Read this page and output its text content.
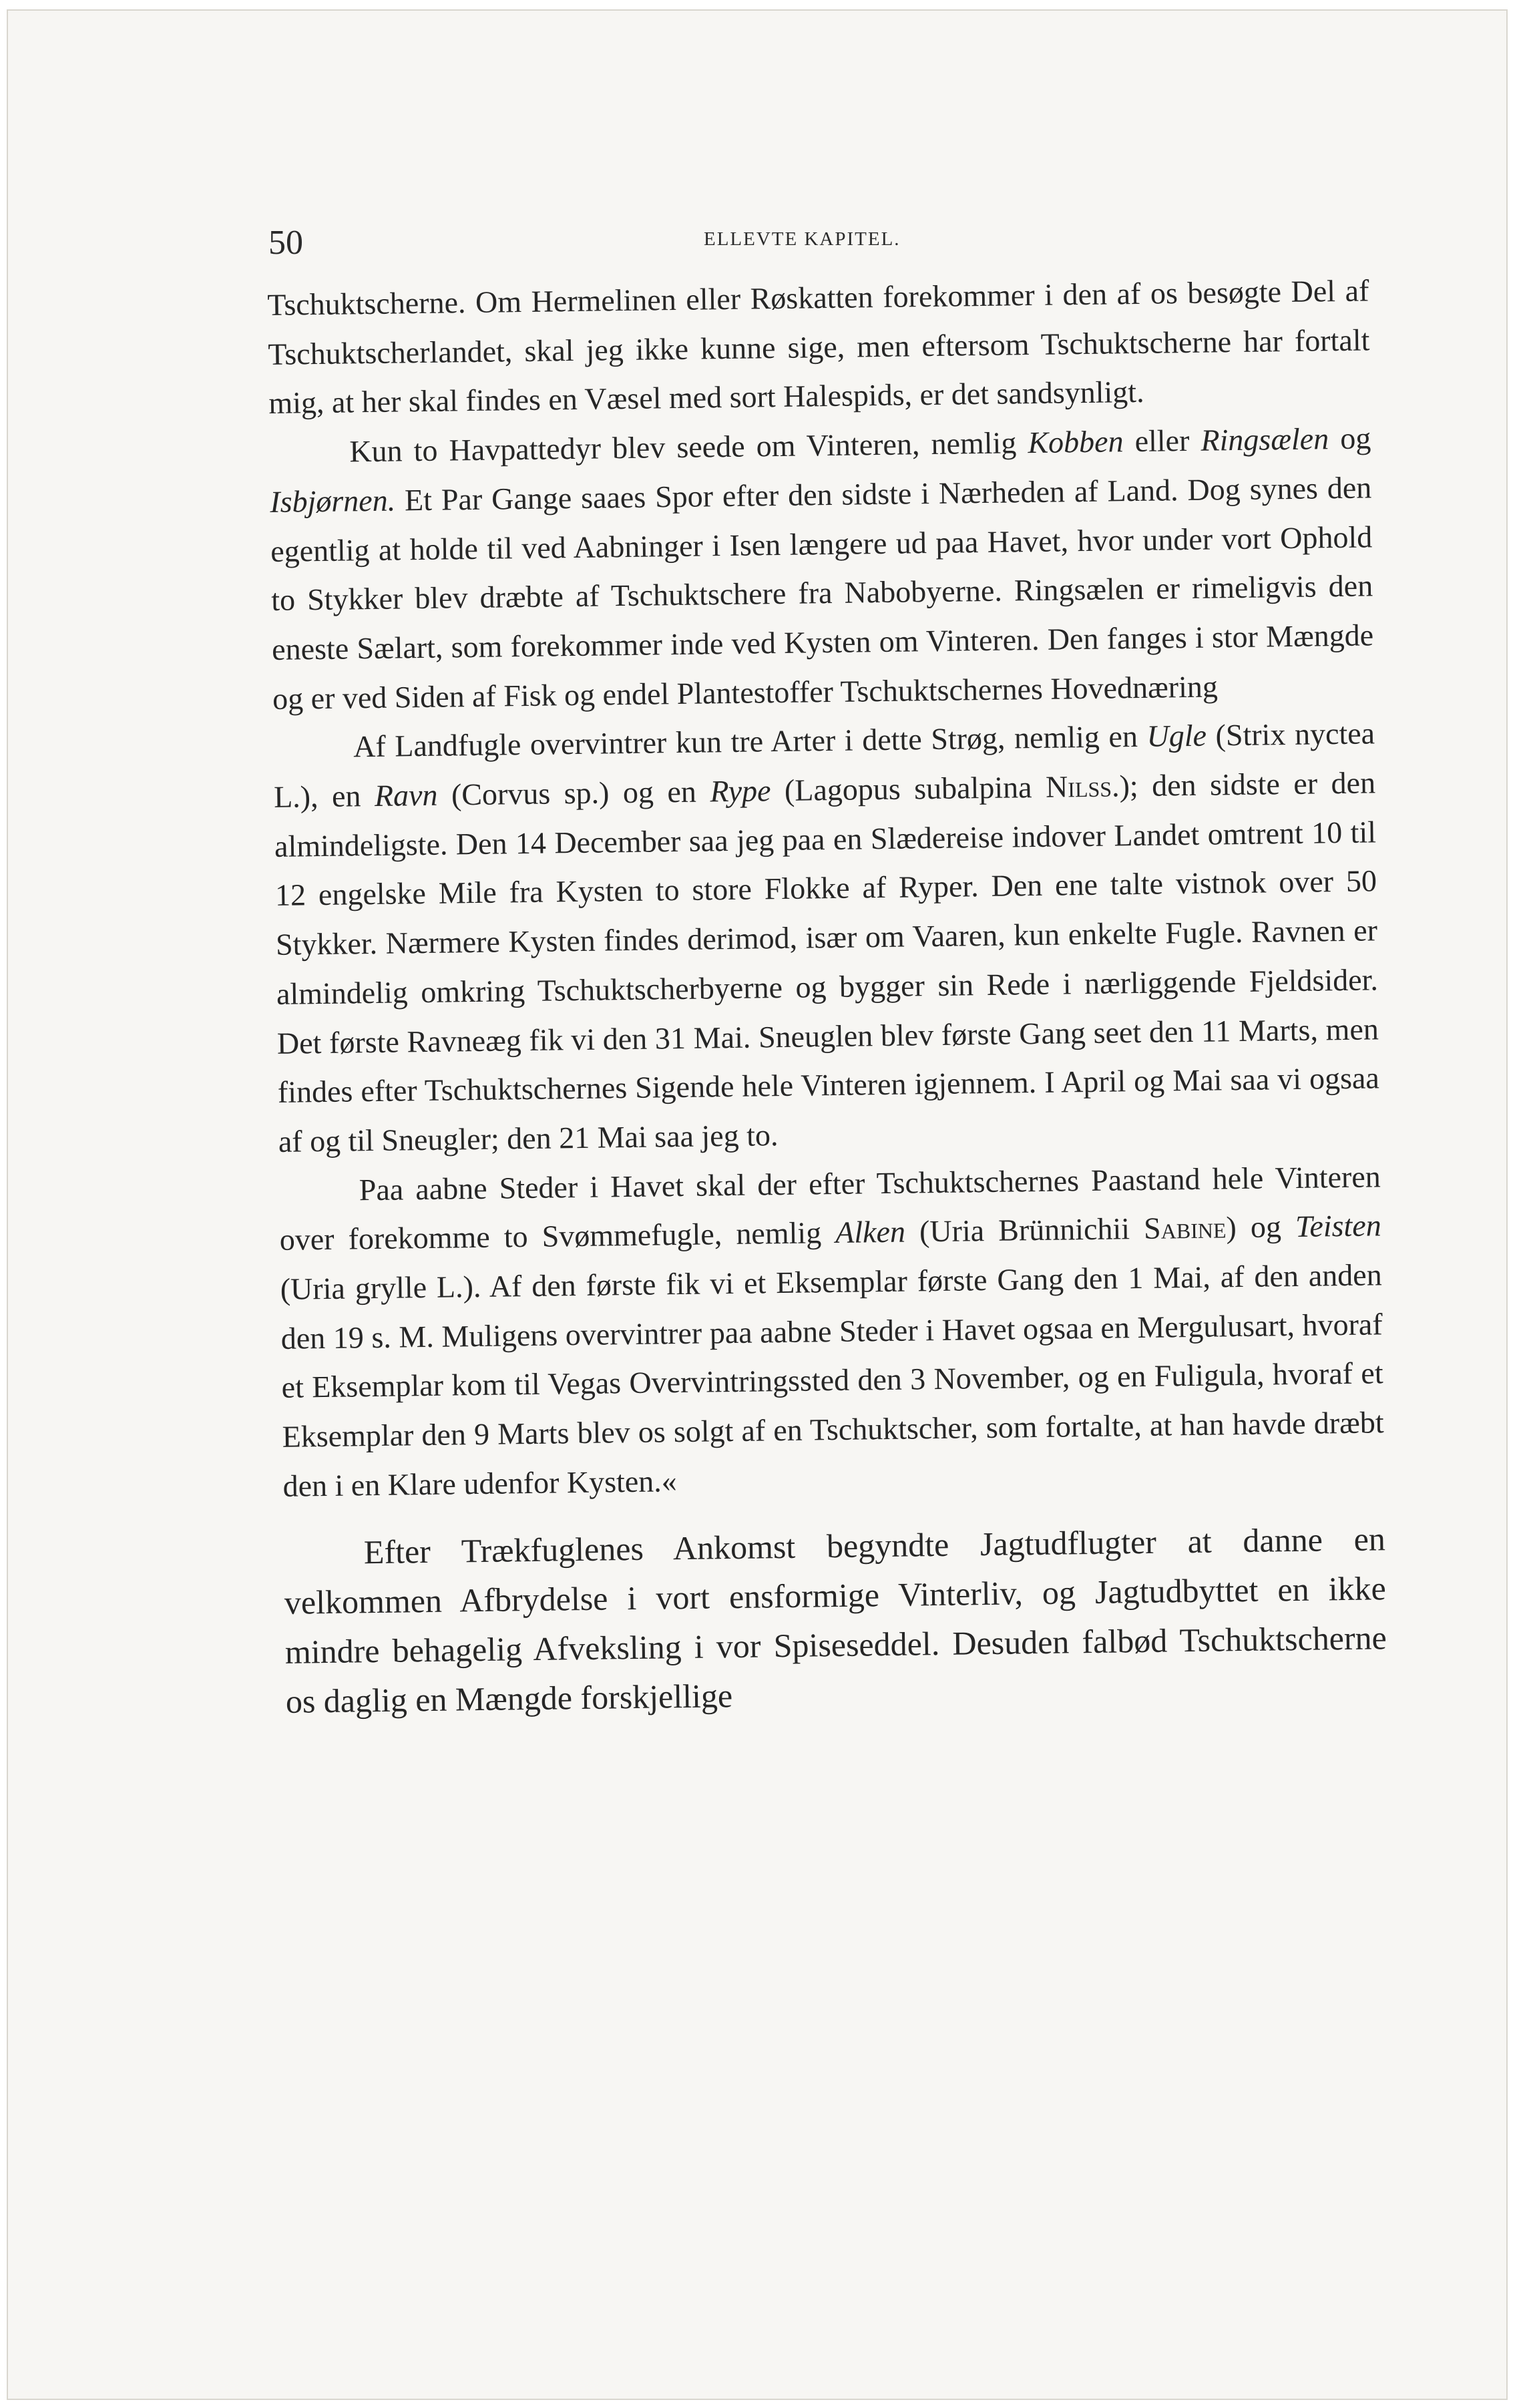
50	ELLEVTE KAPITEL.

Tschuktscherne. Om Hermelinen eller Røskatten forekommer i den af os besøgte Del af Tschuktscherlandet, skal jeg ikke kunne sige, men eftersom Tschuktscherne har fortalt mig, at her skal findes en Væsel med sort Halespids, er det sandsynligt.

Kun to Havpattedyr blev seede om Vinteren, nemlig Kobben eller Ringsælen og Isbjørnen. Et Par Gange saaes Spor efter den sidste i Nærheden af Land. Dog synes den egentlig at holde til ved Aabninger i Isen længere ud paa Havet, hvor under vort Ophold to Stykker blev dræbte af Tschuktschere fra Nabobyerne. Ringsælen er rimeligvis den eneste Sælart, som forekommer inde ved Kysten om Vinteren. Den fanges i stor Mængde og er ved Siden af Fisk og endel Plantestoffer Tschuktschernes Hovednæring

Af Landfugle overvintrer kun tre Arter i dette Strøg, nemlig en Ugle (Strix nyctea L.), en Ravn (Corvus sp.) og en Rype (Lagopus subalpina Nilss.); den sidste er den almindeligste. Den 14 December saa jeg paa en Slædereise indover Landet omtrent 10 til 12 engelske Mile fra Kysten to store Flokke af Ryper. Den ene talte vistnok over 50 Stykker. Nærmere Kysten findes derimod, især om Vaaren, kun enkelte Fugle. Ravnen er almindelig omkring Tschuktscherbyerne og bygger sin Rede i nærliggende Fjeldsider. Det første Ravneæg fik vi den 31 Mai. Sneuglen blev første Gang seet den 11 Marts, men findes efter Tschuktschernes Sigende hele Vinteren igjennem. I April og Mai saa vi ogsaa af og til Sneugler; den 21 Mai saa jeg to.

Paa aabne Steder i Havet skal der efter Tschuktschernes Paastand hele Vinteren over forekomme to Svømmefugle, nemlig Alken (Uria Brünnichii Sabine) og Teisten (Uria grylle L.). Af den første fik vi et Eksemplar første Gang den 1 Mai, af den anden den 19 s. M. Muligens overvintrer paa aabne Steder i Havet ogsaa en Mergulusart, hvoraf et Eksemplar kom til Vegas Overvintringssted den 3 November, og en Fuligula, hvoraf et Eksemplar den 9 Marts blev os solgt af en Tschuktscher, som fortalte, at han havde dræbt den i en Klare udenfor Kysten.«

Efter Trækfuglenes Ankomst begyndte Jagtudflugter at danne en velkommen Afbrydelse i vort ensformige Vinterliv, og Jagtudbyttet en ikke mindre behagelig Afveksling i vor Spiseseddel. Desuden falbød Tschuktscherne os daglig en Mængde forskjellige
